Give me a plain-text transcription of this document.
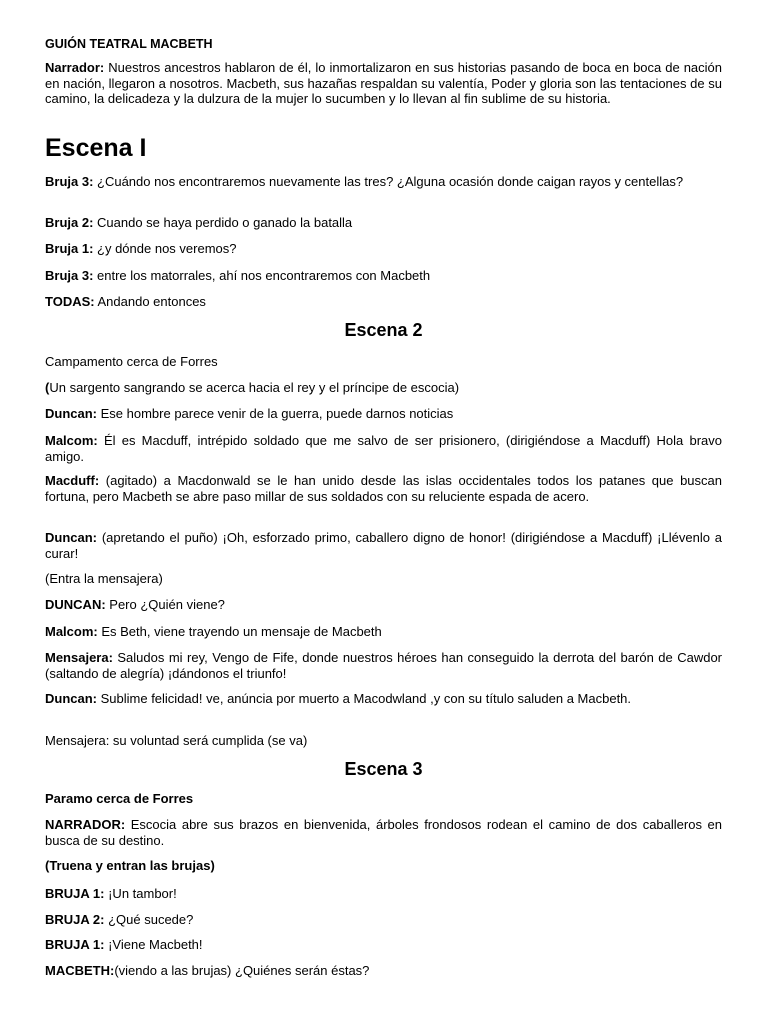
GUIÓN TEATRAL MACBETH

Narrador: Nuestros ancestros hablaron de él, lo inmortalizaron en sus historias pasando de boca en boca de nación en nación, llegaron a nosotros. Macbeth, sus hazañas respaldan su valentía, Poder y gloria son las tentaciones de su camino, la delicadeza y la dulzura de la mujer lo sucumben y lo llevan al fin sublime de su historia.

Escena I

Bruja 3: ¿Cuándo nos encontraremos nuevamente las tres? ¿Alguna ocasión donde caigan rayos y centellas?

Bruja 2: Cuando se haya perdido o ganado la batalla

Bruja 1: ¿y dónde nos veremos?

Bruja 3: entre los matorrales, ahí nos encontraremos con Macbeth

TODAS: Andando entonces

Escena 2

Campamento cerca de Forres

(Un sargento sangrando se acerca hacia el rey y el príncipe de escocia)

Duncan: Ese hombre parece venir de la guerra, puede darnos noticias

Malcom: Él es Macduff, intrépido soldado que me salvo de ser prisionero, (dirigiéndose a Macduff) Hola bravo amigo.

Macduff: (agitado) a Macdonwald se le han unido desde las islas occidentales todos los patanes que buscan fortuna, pero Macbeth se abre paso millar de sus soldados con su reluciente espada de acero.

Duncan: (apretando el puño) ¡Oh, esforzado primo, caballero digno de honor! (dirigiéndose a Macduff) ¡Llévenlo a curar!

(Entra la mensajera)

DUNCAN: Pero ¿Quién viene?

Malcom: Es Beth, viene trayendo un mensaje de Macbeth

Mensajera: Saludos mi rey, Vengo de Fife, donde nuestros héroes han conseguido la derrota del barón de Cawdor (saltando de alegría) ¡dándonos el triunfo!

Duncan: Sublime felicidad! ve, anúncia por muerto a Macodwland ,y con su título saluden a Macbeth.

Mensajera: su voluntad será cumplida (se va)

Escena 3

Paramo cerca de Forres

NARRADOR: Escocia abre sus brazos en bienvenida, árboles frondosos rodean el camino de dos caballeros en busca de su destino.

(Truena y entran las brujas)

BRUJA 1: ¡Un tambor!

BRUJA 2: ¿Qué sucede?

BRUJA 1: ¡Viene Macbeth!

MACBETH:(viendo a las brujas) ¿Quiénes serán éstas?
